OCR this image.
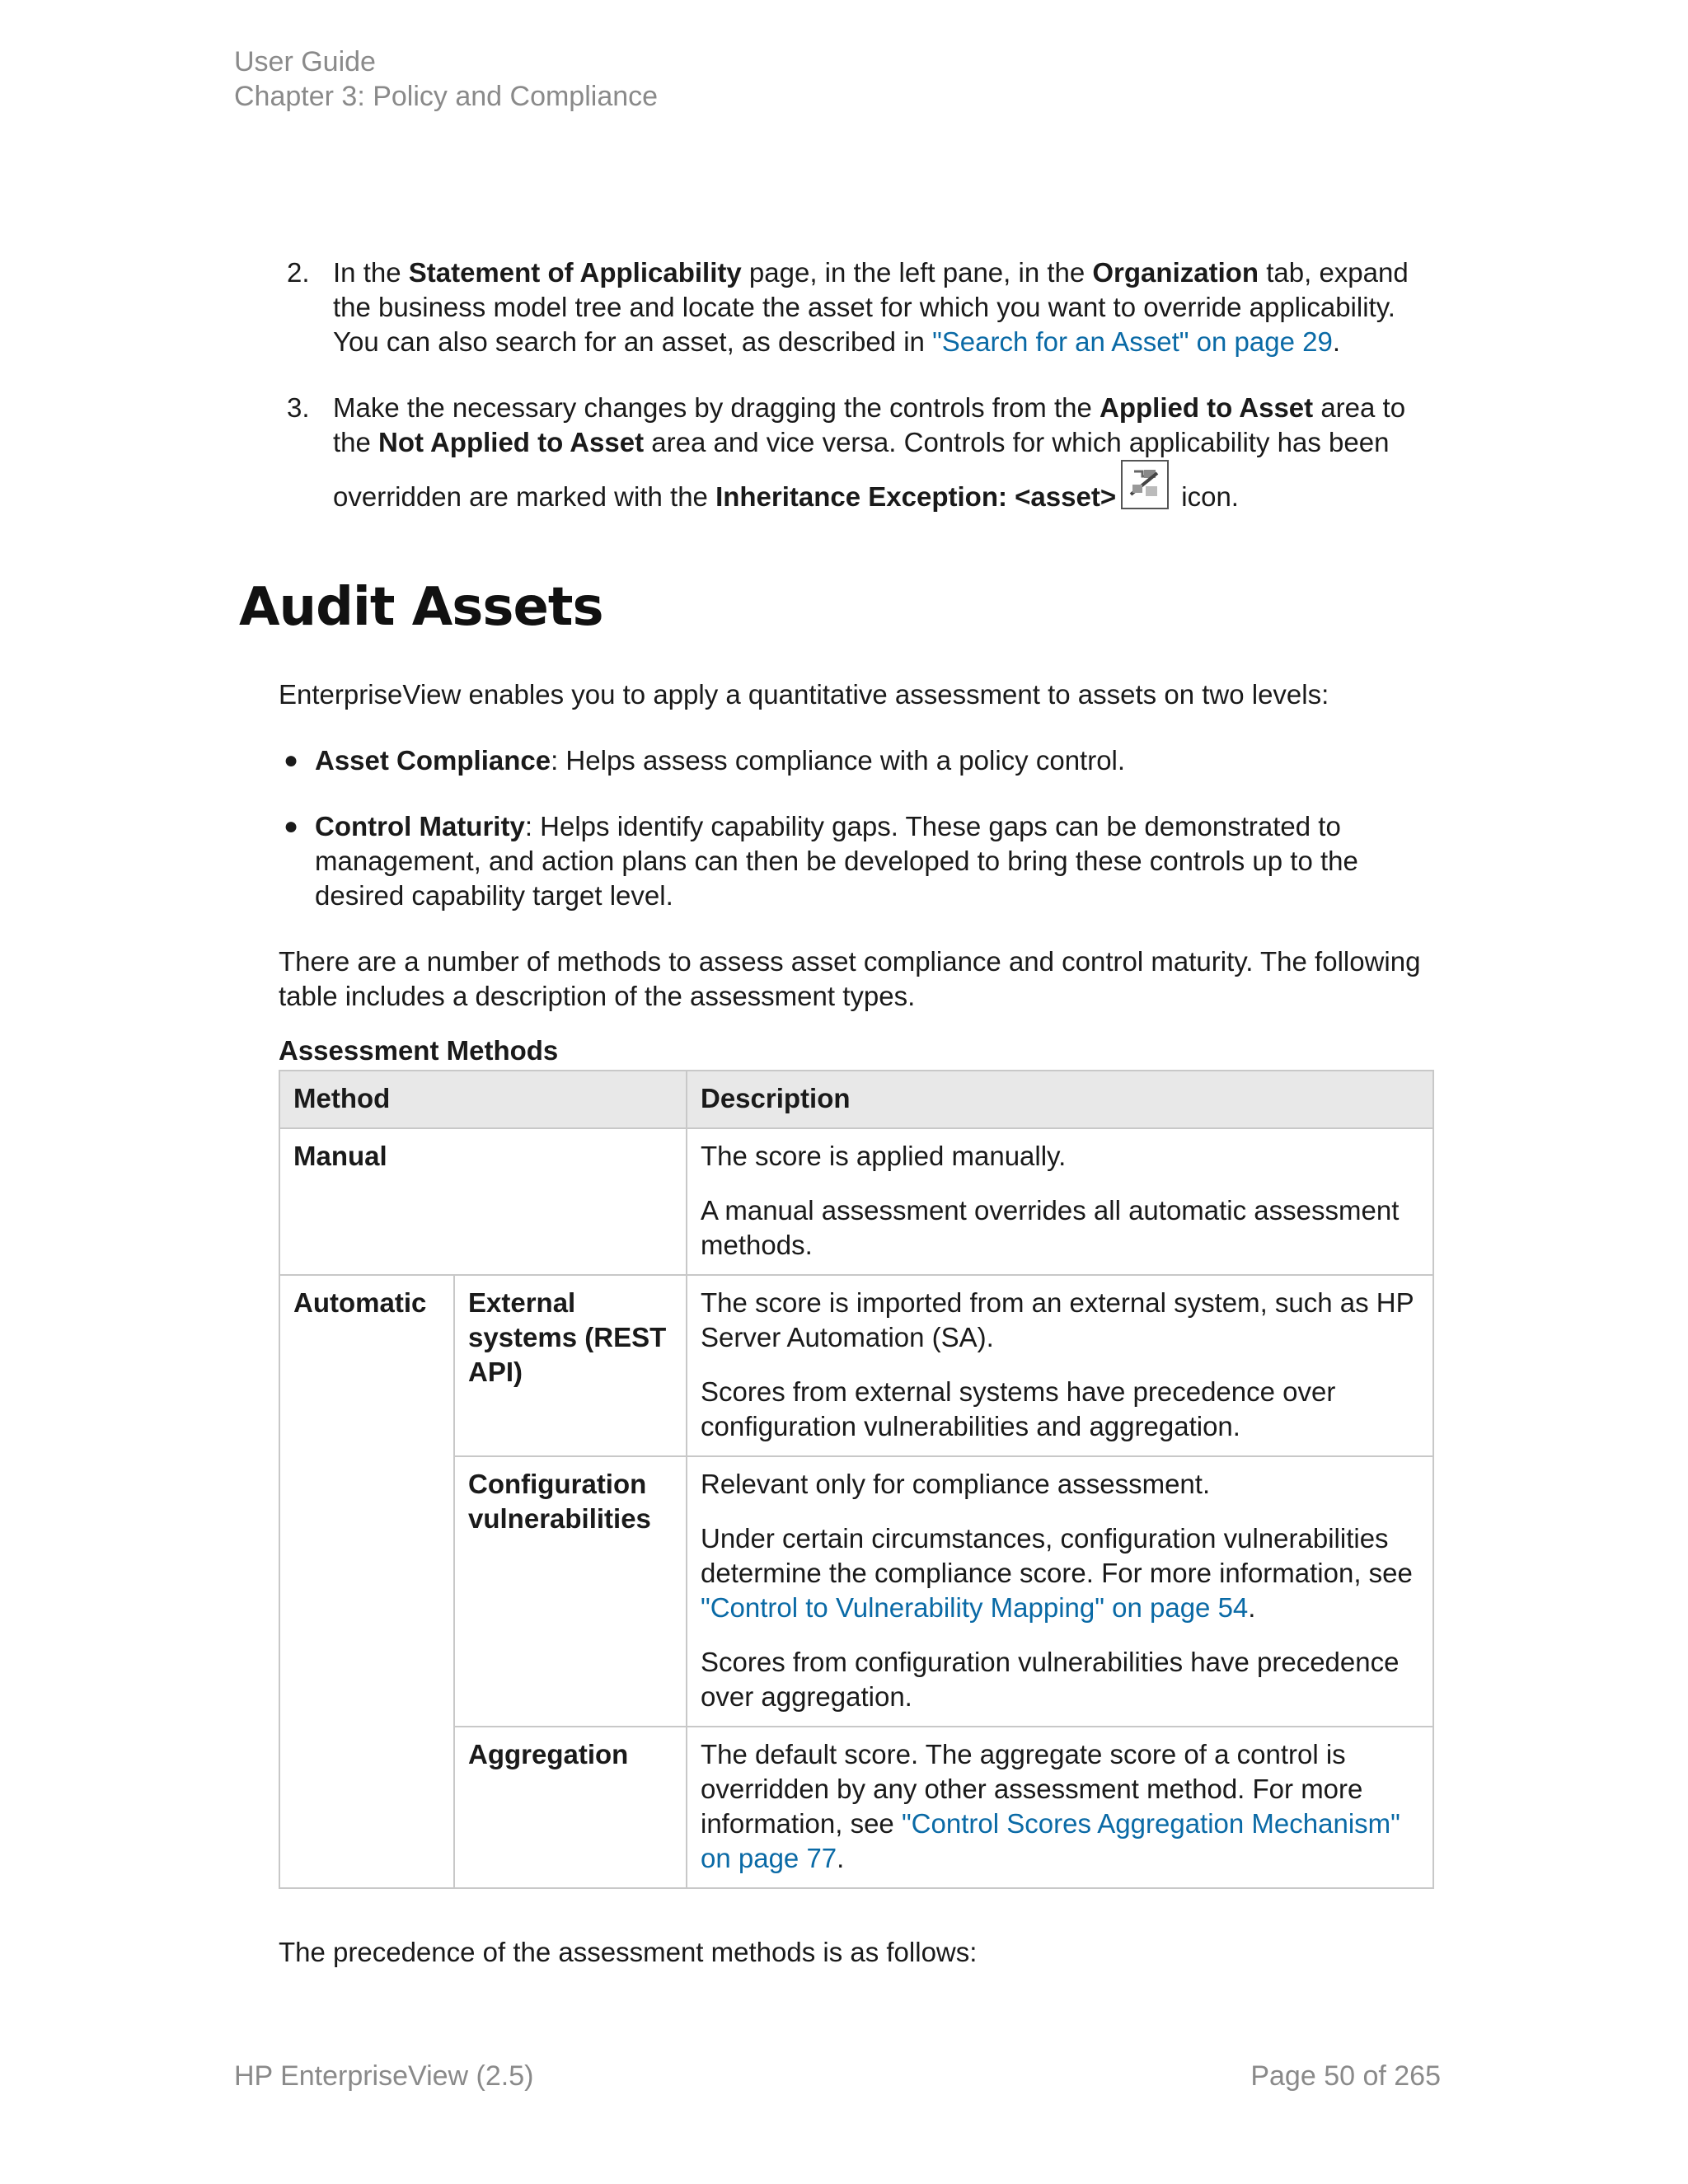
User Guide
Chapter 3: Policy and Compliance
2. In the Statement of Applicability page, in the left pane, in the Organization tab, expand the business model tree and locate the asset for which you want to override applicability. You can also search for an asset, as described in "Search for an Asset" on page 29.
3. Make the necessary changes by dragging the controls from the Applied to Asset area to the Not Applied to Asset area and vice versa. Controls for which applicability has been overridden are marked with the Inheritance Exception: <asset>
icon.
Audit Assets
EnterpriseView enables you to apply a quantitative assessment to assets on two levels:
● Asset Compliance: Helps assess compliance with a policy control.
● Control Maturity: Helps identify capability gaps. These gaps can be demonstrated to management, and action plans can then be developed to bring these controls up to the desired capability target level.
There are a number of methods to assess asset compliance and control maturity. The following table includes a description of the assessment types.
Assessment Methods
Method		Description
Manual		The score is applied manually.

A manual assessment overrides all automatic assessment methods.

Automatic	External systems (REST API)	The score is imported from an external system, such as HP Server Automation (SA).

Scores from external systems have precedence over configuration vulnerabilities and aggregation.

	Configuration vulnerabilities	Relevant only for compliance assessment.

Under certain circumstances, configuration vulnerabilities determine the compliance score. For more information, see "Control to Vulnerability Mapping" on page 54.

Scores from configuration vulnerabilities have precedence over aggregation.

	Aggregation	The default score. The aggregate score of a control is overridden by any other assessment method. For more information, see "Control Scores Aggregation Mechanism" on page 77.

The precedence of the assessment methods is as follows:
HP EnterpriseView (2.5)	Page 50 of 265
